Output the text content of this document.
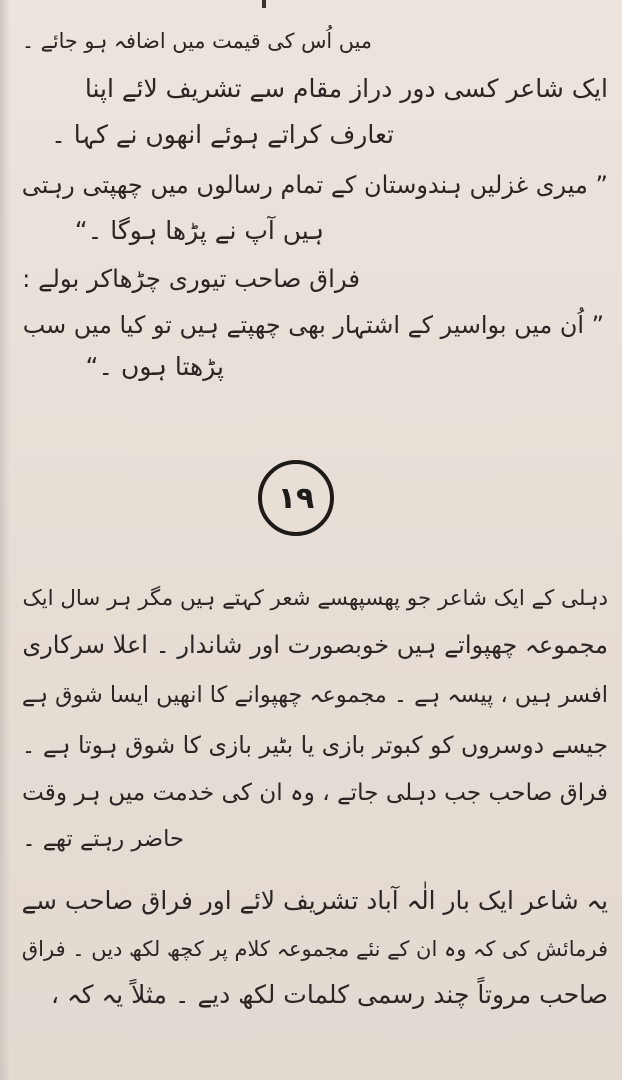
میں اُس کی قیمت میں اضافہ ہو جائے ۔
ایک شاعر کسی دور دراز مقام سے تشریف لائے اپنا
تعارف کراتے ہوئے انھوں نے کہا ۔
” میری غزلیں ہندوستان کے تمام رسالوں میں چھپتی رہتی
ہیں آپ نے پڑھا ہوگا ۔“
فراق صاحب تیوری چڑھاکر بولے :
” اُن میں بواسیر کے اشتہار بھی چھپتے ہیں تو کیا میں سب
پڑھتا ہوں ۔“
١٩
دہلی کے ایک شاعر جو پھسپھسے شعر کہتے ہیں مگر ہر سال ایک
مجموعہ چھپواتے ہیں خوبصورت اور شاندار ۔ اعلا سرکاری
افسر ہیں ، پیسہ ہے ۔ مجموعہ چھپوانے کا انھیں ایسا شوق ہے
جیسے دوسروں کو کبوتر بازی یا بٹیر بازی کا شوق ہوتا ہے ۔
فراق صاحب جب دہلی جاتے ، وہ ان کی خدمت میں ہر وقت
حاضر رہتے تھے ۔
یہ شاعر ایک بار الٰہ آباد تشریف لائے اور فراق صاحب سے
فرمائش کی کہ وہ ان کے نئے مجموعہ کلام پر کچھ لکھ دیں ۔ فراق
صاحب مروتاً چند رسمی کلمات لکھ دیے ۔ مثلاً یہ کہ ،
